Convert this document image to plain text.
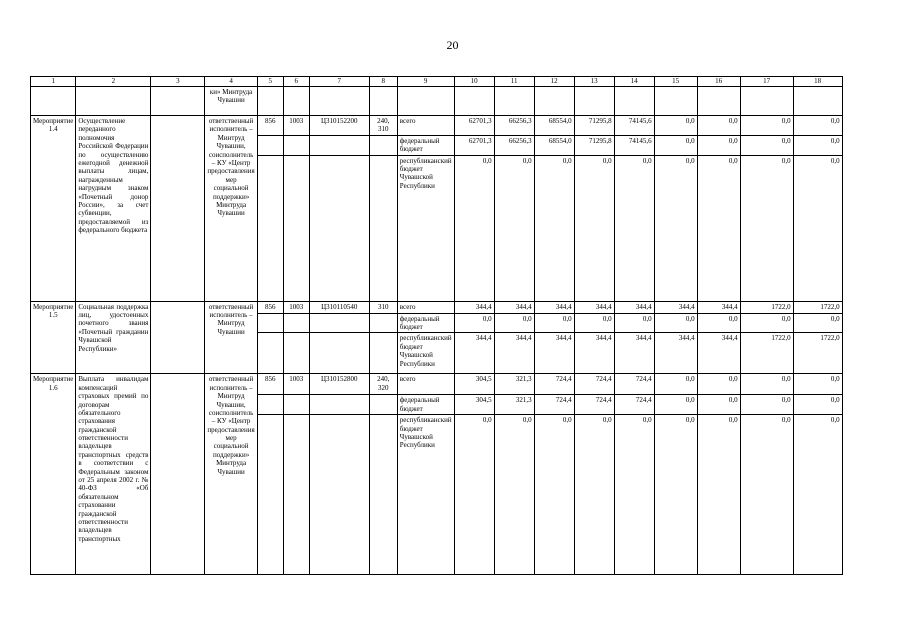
20
1	2	3	4	5	6	7	8	9	10	11	12	13	14	15	16	17	18
			ки» Минтруда Чувашии														
Мероприятие 1.4	Осуществление переданного полномочия Российской Федерации по осуществлению ежегодной денежной выплаты лицам, награжденным нагрудным знаком «Почетный донор России», за счет субвенции, предоставляемой из федерального бюджета		ответственный исполнитель – Минтруд Чувашии, соисполнитель – КУ «Центр предоставления мер социальной поддержки» Минтруда Чувашии	856	1003	Ц310152200	240, 310	всего	62701,3	66256,3	68554,0	71295,8	74145,6	0,0	0,0	0,0	0,0
								федеральный бюджет	62701,3	66256,3	68554,0	71295,8	74145,6	0,0	0,0	0,0	0,0
								республиканский бюджет Чувашской Республики	0,0	0,0	0,0	0,0	0,0	0,0	0,0	0,0	0,0
Мероприятие 1.5	Социальная поддержка лиц, удостоенных почетного звания «Почетный гражданин Чувашской Республики»		ответственный исполнитель – Минтруд Чувашии	856	1003	Ц310110540	310	всего	344,4	344,4	344,4	344,4	344,4	344,4	344,4	1722,0	1722,0
								федеральный бюджет	0,0	0,0	0,0	0,0	0,0	0,0	0,0	0,0	0,0
								республиканский бюджет Чувашской Республики	344,4	344,4	344,4	344,4	344,4	344,4	344,4	1722,0	1722,0
Мероприятие 1.6	Выплата инвалидам компенсаций страховых премий по договорам обязательного страхования гражданской ответственности владельцев транспортных средств в соответствии с Федеральным законом от 25 апреля 2002 г. № 40-ФЗ «Об обязательном страховании гражданской ответственности владельцев транспортных		ответственный исполнитель – Минтруд Чувашии, соисполнитель – КУ «Центр предоставления мер социальной поддержки» Минтруда Чувашии	856	1003	Ц310152800	240, 320	всего	304,5	321,3	724,4	724,4	724,4	0,0	0,0	0,0	0,0
								федеральный бюджет	304,5	321,3	724,4	724,4	724,4	0,0	0,0	0,0	0,0
								республиканский бюджет Чувашской Республики	0,0	0,0	0,0	0,0	0,0	0,0	0,0	0,0	0,0
